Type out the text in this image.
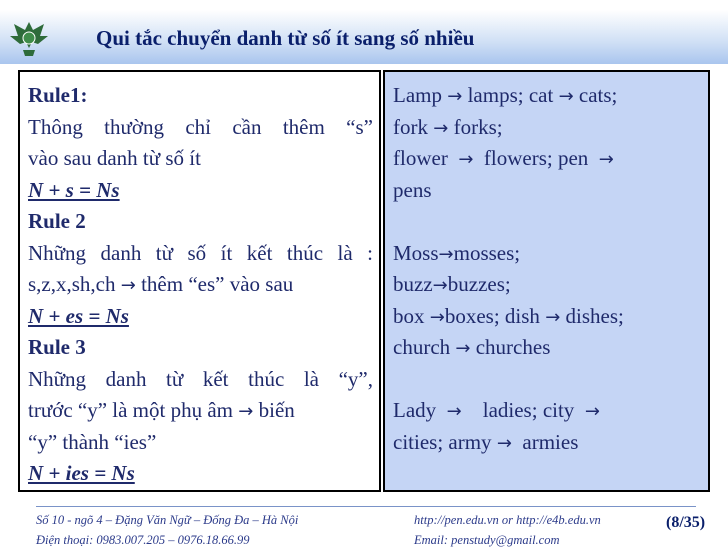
Qui tắc chuyển danh từ số ít sang số nhiều
Rule1:
Thông thường chỉ cần thêm “s”
vào sau danh từ số ít
N + s = Ns
Rule 2
Những danh từ số ít kết thúc là :
s,z,x,sh,ch → thêm “es” vào sau
N + es = Ns
Rule 3
Những danh từ kết thúc là “y”,
trước “y” là một phụ âm → biến
“y” thành “ies”
N + ies = Ns
Lamp → lamps; cat → cats;
fork → forks;
flower → flowers; pen →
pens
Moss→mosses;
buzz→buzzes;
box →boxes; dish → dishes;
church → churches
Lady → ladies; city →
cities; army → armies
Số 10 - ngõ 4 – Đặng Văn Ngữ – Đống Đa – Hà Nội
Điện thoại: 0983.007.205 – 0976.18.66.99
http://pen.edu.vn or http://e4b.edu.vn
Email: penstudy@gmail.com
(8/35)
